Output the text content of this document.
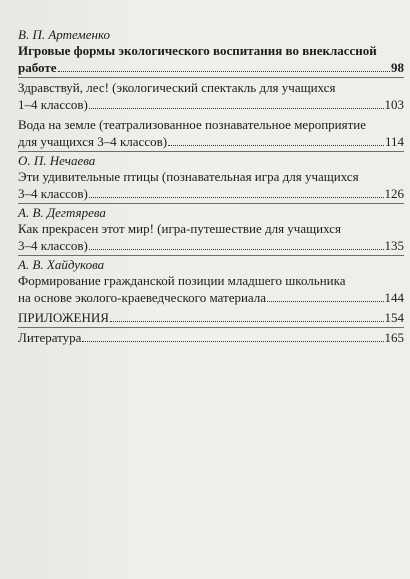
В. П. Артеменко
Игровые формы экологического воспитания во внеклассной
работе	98
Здравствуй, лес! (экологический спектакль для учащихся
1–4 классов)	103
Вода на земле (театрализованное познавательное мероприятие
для учащихся 3–4 классов)	114
О. П. Нечаева
Эти удивительные птицы (познавательная игра для учащихся
3–4 классов)	126
А. В. Дегтярева
Как прекрасен этот мир! (игра-путешествие для учащихся
3–4 классов)	135
А. В. Хайдукова
Формирование гражданской позиции младшего школьника
на основе эколого-краеведческого материала	144
ПРИЛОЖЕНИЯ	154
Литература	165
